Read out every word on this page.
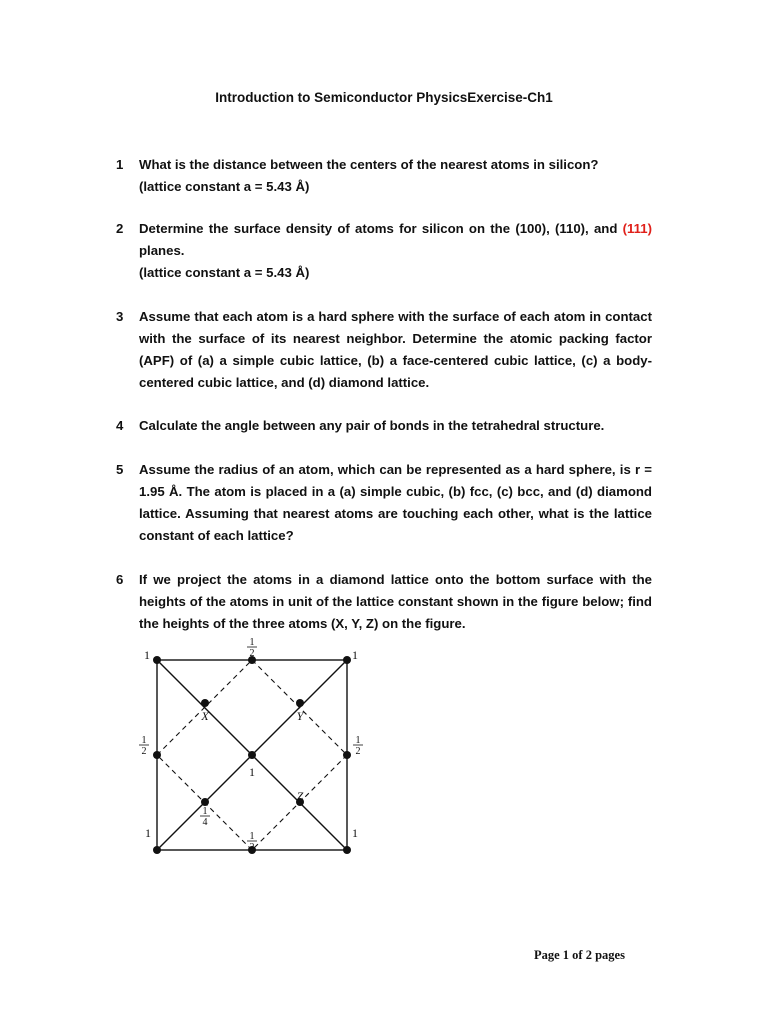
Introduction to Semiconductor PhysicsExercise-Ch1
1 What is the distance between the centers of the nearest atoms in silicon?
(lattice constant a = 5.43 Å)
2 Determine the surface density of atoms for silicon on the (100), (110), and (111) planes.
(lattice constant a = 5.43 Å)
3 Assume that each atom is a hard sphere with the surface of each atom in contact with the surface of its nearest neighbor. Determine the atomic packing factor (APF) of (a) a simple cubic lattice, (b) a face-centered cubic lattice, (c) a body-centered cubic lattice, and (d) diamond lattice.
4 Calculate the angle between any pair of bonds in the tetrahedral structure.
5 Assume the radius of an atom, which can be represented as a hard sphere, is r = 1.95 Å. The atom is placed in a (a) simple cubic, (b) fcc, (c) bcc, and (d) diamond lattice. Assuming that nearest atoms are touching each other, what is the lattice constant of each lattice?
6 If we project the atoms in a diamond lattice onto the bottom surface with the heights of the atoms in unit of the lattice constant shown in the figure below; find the heights of the three atoms (X, Y, Z) on the figure.
1	1
1	1
1
1
2
1
2
1
2
1
2
1
4
X	Y
Z
Page 1 of 2 pages
